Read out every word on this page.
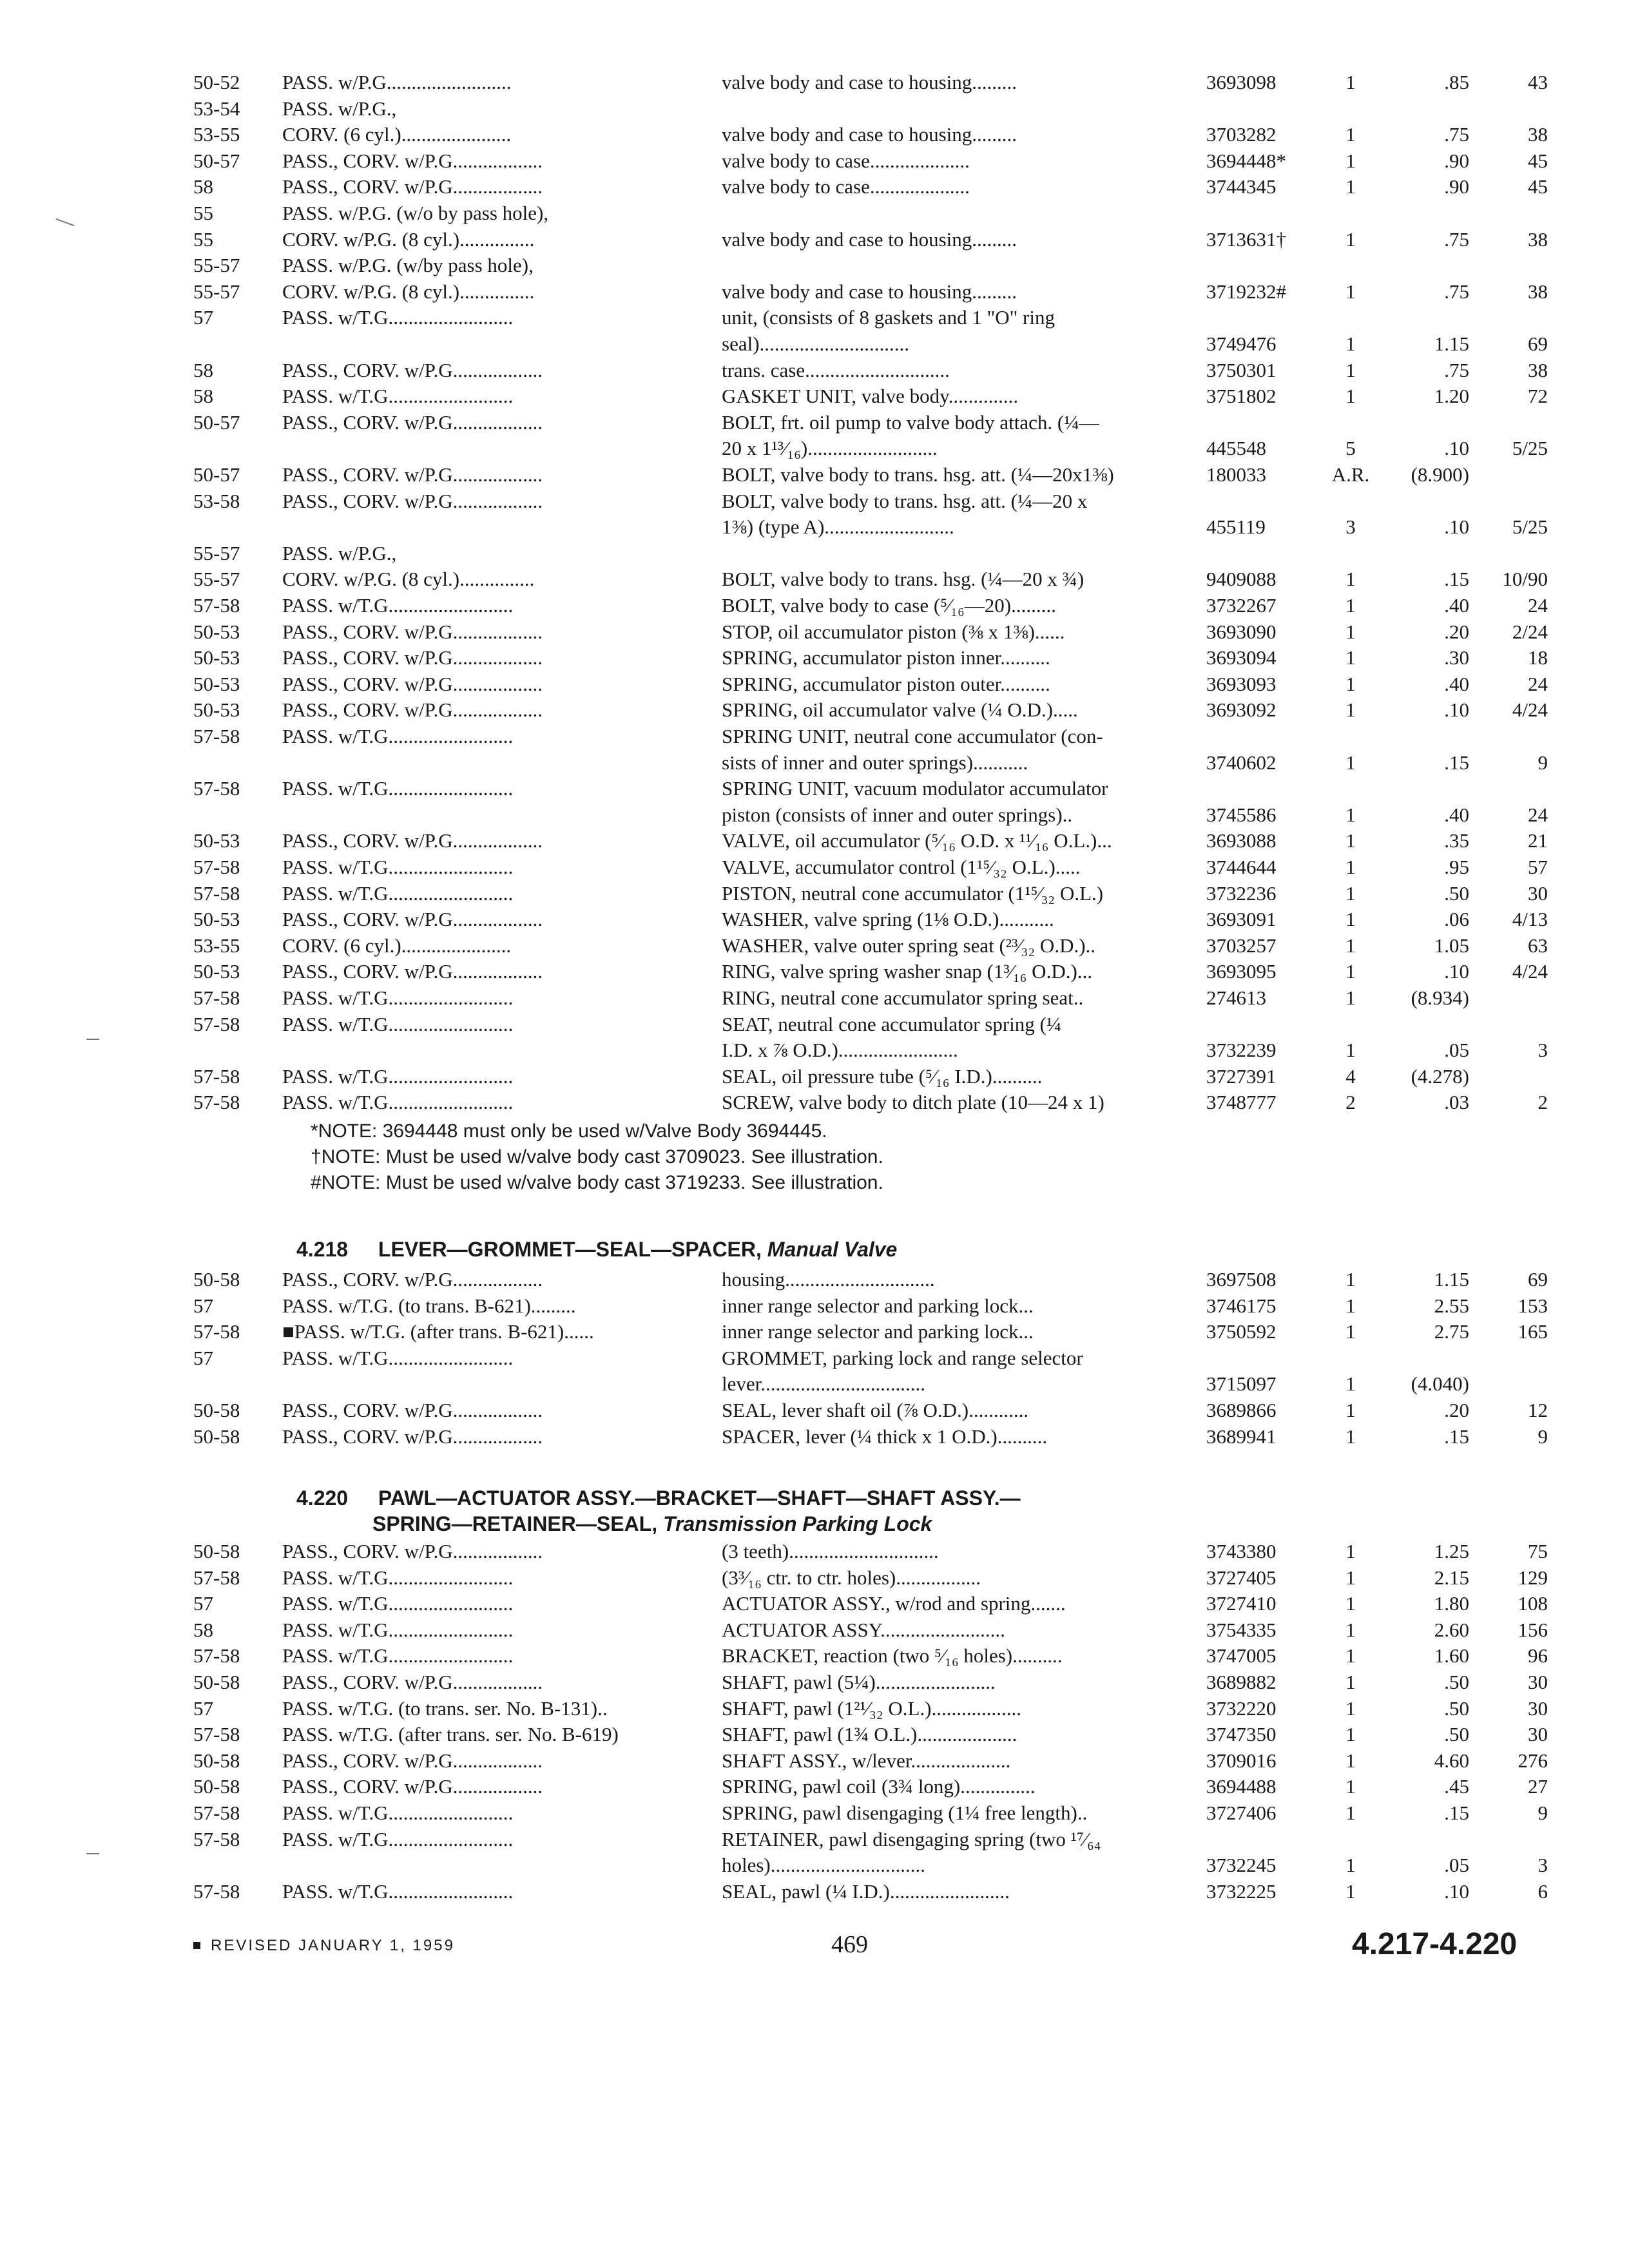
50-52	PASS. w/P.G.........................	valve body and case to housing.........	3693098	1	.85	43
53-54	PASS. w/P.G.,
53-55	CORV. (6 cyl.)......................	valve body and case to housing.........	3703282	1	.75	38
50-57	PASS., CORV. w/P.G..................	valve body to case....................	3694448*	1	.90	45
58	PASS., CORV. w/P.G..................	valve body to case....................	3744345	1	.90	45
55	PASS. w/P.G. (w/o by pass hole),
55	CORV. w/P.G. (8 cyl.)...............	valve body and case to housing.........	3713631†	1	.75	38
55-57	PASS. w/P.G. (w/by pass hole),
55-57	CORV. w/P.G. (8 cyl.)...............	valve body and case to housing.........	3719232#	1	.75	38
57	PASS. w/T.G.........................	unit, (consists of 8 gaskets and 1 "O" ring
seal)..............................	3749476	1	1.15	69
58	PASS., CORV. w/P.G..................	trans. case.............................	3750301	1	.75	38
58	PASS. w/T.G.........................	GASKET UNIT, valve body..............	3751802	1	1.20	72
50-57	PASS., CORV. w/P.G..................	BOLT, frt. oil pump to valve body attach. (¼—
20 x 1¹³⁄₁₆)..........................	445548	5	.10	5/25
50-57	PASS., CORV. w/P.G..................	BOLT, valve body to trans. hsg. att. (¼—20x1⅜)	180033	A.R.	(8.900)
53-58	PASS., CORV. w/P.G..................	BOLT, valve body to trans. hsg. att. (¼—20 x
1⅜) (type A)..........................	455119	3	.10	5/25
55-57	PASS. w/P.G.,
55-57	CORV. w/P.G. (8 cyl.)...............	BOLT, valve body to trans. hsg. (¼—20 x ¾)	9409088	1	.15	10/90
57-58	PASS. w/T.G.........................	BOLT, valve body to case (⁵⁄₁₆—20).........	3732267	1	.40	24
50-53	PASS., CORV. w/P.G..................	STOP, oil accumulator piston (⅜ x 1⅜)......	3693090	1	.20	2/24
50-53	PASS., CORV. w/P.G..................	SPRING, accumulator piston inner..........	3693094	1	.30	18
50-53	PASS., CORV. w/P.G..................	SPRING, accumulator piston outer..........	3693093	1	.40	24
50-53	PASS., CORV. w/P.G..................	SPRING, oil accumulator valve (¼ O.D.).....	3693092	1	.10	4/24
57-58	PASS. w/T.G.........................	SPRING UNIT, neutral cone accumulator (con-
sists of inner and outer springs)...........	3740602	1	.15	9
57-58	PASS. w/T.G.........................	SPRING UNIT, vacuum modulator accumulator
piston (consists of inner and outer springs)..	3745586	1	.40	24
50-53	PASS., CORV. w/P.G..................	VALVE, oil accumulator (⁵⁄₁₆ O.D. x ¹¹⁄₁₆ O.L.)...	3693088	1	.35	21
57-58	PASS. w/T.G.........................	VALVE, accumulator control (1¹⁵⁄₃₂ O.L.).....	3744644	1	.95	57
57-58	PASS. w/T.G.........................	PISTON, neutral cone accumulator (1¹⁵⁄₃₂ O.L.)	3732236	1	.50	30
50-53	PASS., CORV. w/P.G..................	WASHER, valve spring (1⅛ O.D.)...........	3693091	1	.06	4/13
53-55	CORV. (6 cyl.)......................	WASHER, valve outer spring seat (²³⁄₃₂ O.D.)..	3703257	1	1.05	63
50-53	PASS., CORV. w/P.G..................	RING, valve spring washer snap (1³⁄₁₆ O.D.)...	3693095	1	.10	4/24
57-58	PASS. w/T.G.........................	RING, neutral cone accumulator spring seat..	274613	1	(8.934)
57-58	PASS. w/T.G.........................	SEAT, neutral cone accumulator spring (¼
I.D. x ⅞ O.D.)........................	3732239	1	.05	3
57-58	PASS. w/T.G.........................	SEAL, oil pressure tube (⁵⁄₁₆ I.D.)..........	3727391	4	(4.278)
57-58	PASS. w/T.G.........................	SCREW, valve body to ditch plate (10—24 x 1)	3748777	2	.03	2
*NOTE: 3694448 must only be used w/Valve Body 3694445.
†NOTE: Must be used w/valve body cast 3709023. See illustration.
#NOTE: Must be used w/valve body cast 3719233. See illustration.
4.218 LEVER—GROMMET—SEAL—SPACER, Manual Valve
50-58	PASS., CORV. w/P.G..................	housing..............................	3697508	1	1.15	69
57	PASS. w/T.G. (to trans. B-621).........	inner range selector and parking lock...	3746175	1	2.55	153
57-58	■PASS. w/T.G. (after trans. B-621)......	inner range selector and parking lock...	3750592	1	2.75	165
57	PASS. w/T.G.........................	GROMMET, parking lock and range selector
lever.................................	3715097	1	(4.040)
50-58	PASS., CORV. w/P.G..................	SEAL, lever shaft oil (⅞ O.D.)............	3689866	1	.20	12
50-58	PASS., CORV. w/P.G..................	SPACER, lever (¼ thick x 1 O.D.)..........	3689941	1	.15	9
4.220 PAWL—ACTUATOR ASSY.—BRACKET—SHAFT—SHAFT ASSY.—
SPRING—RETAINER—SEAL, Transmission Parking Lock
50-58	PASS., CORV. w/P.G..................	(3 teeth)..............................	3743380	1	1.25	75
57-58	PASS. w/T.G.........................	(3³⁄₁₆ ctr. to ctr. holes).................	3727405	1	2.15	129
57	PASS. w/T.G.........................	ACTUATOR ASSY., w/rod and spring.......	3727410	1	1.80	108
58	PASS. w/T.G.........................	ACTUATOR ASSY.........................	3754335	1	2.60	156
57-58	PASS. w/T.G.........................	BRACKET, reaction (two ⁵⁄₁₆ holes)..........	3747005	1	1.60	96
50-58	PASS., CORV. w/P.G..................	SHAFT, pawl (5¼)........................	3689882	1	.50	30
57	PASS. w/T.G. (to trans. ser. No. B-131)..	SHAFT, pawl (1²¹⁄₃₂ O.L.)..................	3732220	1	.50	30
57-58	PASS. w/T.G. (after trans. ser. No. B-619)	SHAFT, pawl (1¾ O.L.)....................	3747350	1	.50	30
50-58	PASS., CORV. w/P.G..................	SHAFT ASSY., w/lever....................	3709016	1	4.60	276
50-58	PASS., CORV. w/P.G..................	SPRING, pawl coil (3¾ long)...............	3694488	1	.45	27
57-58	PASS. w/T.G.........................	SPRING, pawl disengaging (1¼ free length)..	3727406	1	.15	9
57-58	PASS. w/T.G.........................	RETAINER, pawl disengaging spring (two ¹⁷⁄₆₄
holes)...............................	3732245	1	.05	3
57-58	PASS. w/T.G.........................	SEAL, pawl (¼ I.D.)........................	3732225	1	.10	6
REVISED JANUARY 1, 1959	469	4.217-4.220
